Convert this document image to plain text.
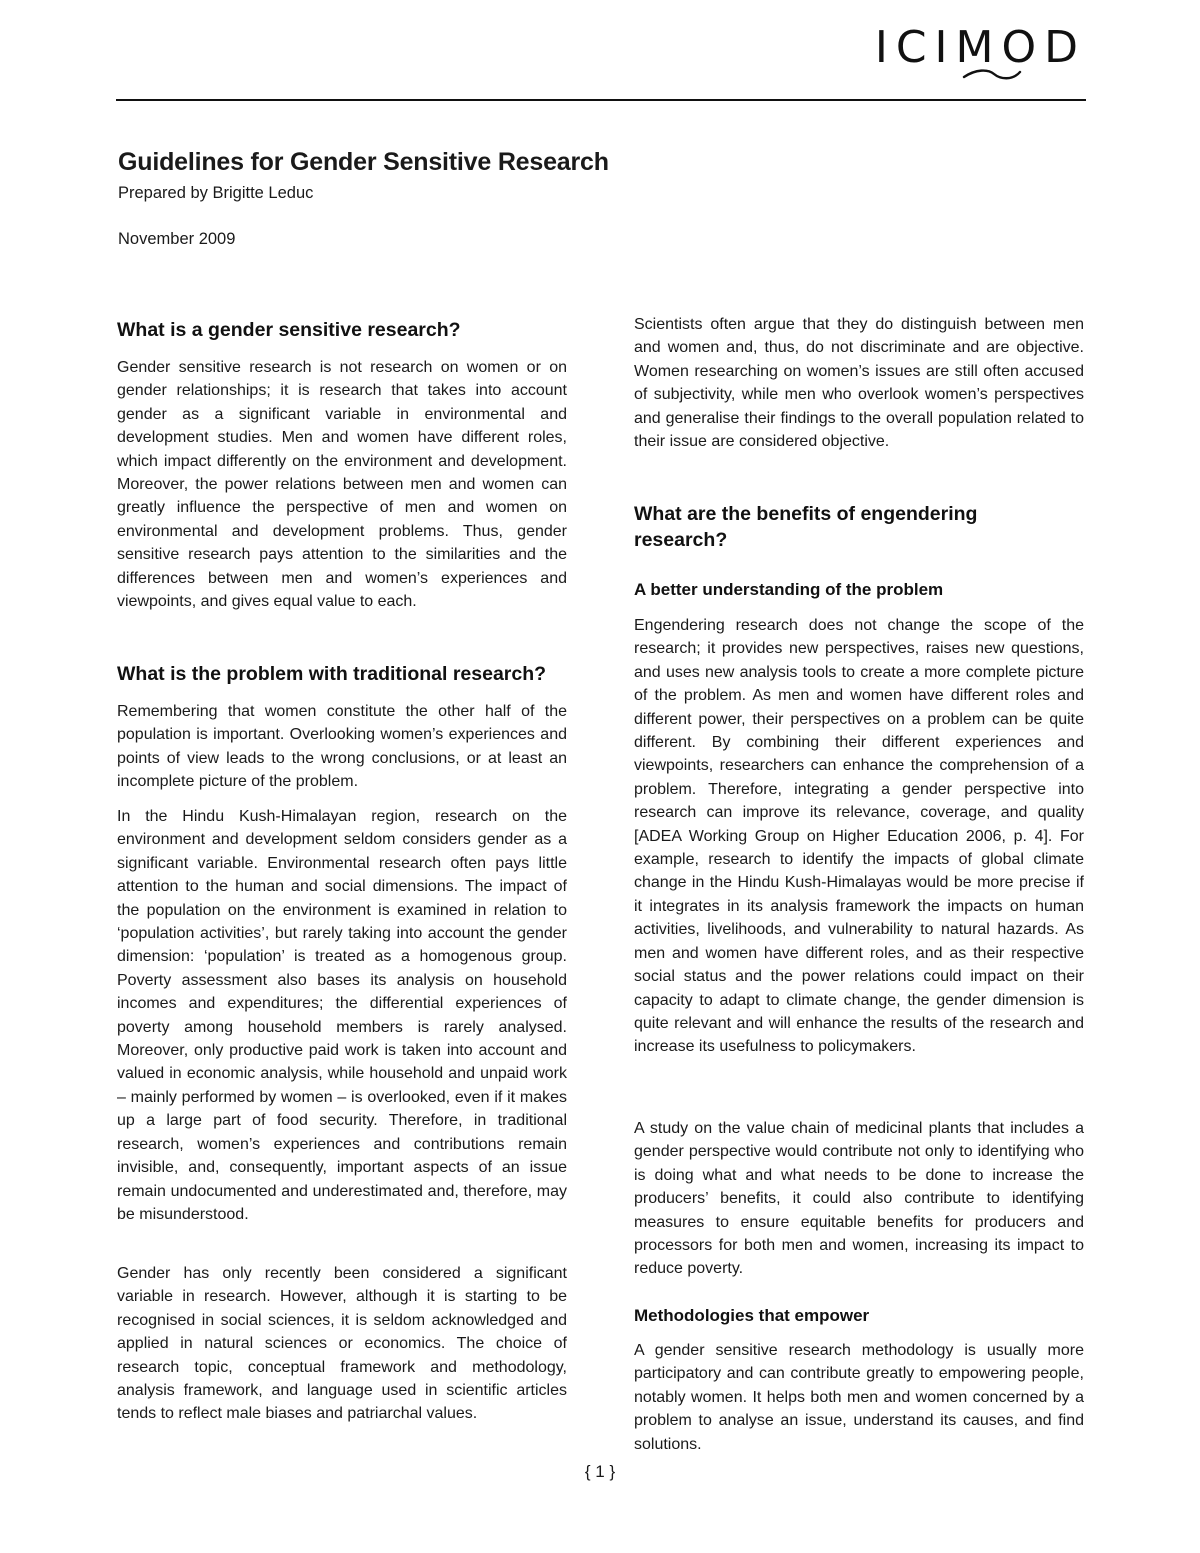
ICIMOD
Guidelines for Gender Sensitive Research

Prepared by Brigitte Leduc

November 2009

What is a gender sensitive research?

Gender sensitive research is not research on women or on gender relationships; it is research that takes into account gender as a significant variable in environmental and development studies. Men and women have different roles, which impact differently on the environment and development. Moreover, the power relations between men and women can greatly influence the perspective of men and women on environmental and development problems. Thus, gender sensitive research pays attention to the similarities and the differences between men and women’s experiences and viewpoints, and gives equal value to each.

What is the problem with traditional research?

Remembering that women constitute the other half of the population is important. Overlooking women’s experiences and points of view leads to the wrong conclusions, or at least an incomplete picture of the problem.

In the Hindu Kush-Himalayan region, research on the environment and development seldom considers gender as a significant variable. Environmental research often pays little attention to the human and social dimensions. The impact of the population on the environment is examined in relation to ‘population activities’, but rarely taking into account the gender dimension: ‘population’ is treated as a homogenous group. Poverty assessment also bases its analysis on household incomes and expenditures; the differential experiences of poverty among household members is rarely analysed. Moreover, only productive paid work is taken into account and valued in economic analysis, while household and unpaid work – mainly performed by women – is overlooked, even if it makes up a large part of food security. Therefore, in traditional research, women’s experiences and contributions remain invisible, and, consequently, important aspects of an issue remain undocumented and underestimated and, therefore, may be misunderstood.

Gender has only recently been considered a significant variable in research. However, although it is starting to be recognised in social sciences, it is seldom acknowledged and applied in natural sciences or economics. The choice of research topic, conceptual framework and methodology, analysis framework, and language used in scientific articles tends to reflect male biases and patriarchal values.

Scientists often argue that they do distinguish between men and women and, thus, do not discriminate and are objective. Women researching on women’s issues are still often accused of subjectivity, while men who overlook women’s perspectives and generalise their findings to the overall population related to their issue are considered objective.

What are the benefits of engendering research?
A better understanding of the problem

Engendering research does not change the scope of the research; it provides new perspectives, raises new questions, and uses new analysis tools to create a more complete picture of the problem. As men and women have different roles and different power, their perspectives on a problem can be quite different. By combining their different experiences and viewpoints, researchers can enhance the comprehension of a problem. Therefore, integrating a gender perspective into research can improve its relevance, coverage, and quality [ADEA Working Group on Higher Education 2006, p. 4]. For example, research to identify the impacts of global climate change in the Hindu Kush-Himalayas would be more precise if it integrates in its analysis framework the impacts on human activities, livelihoods, and vulnerability to natural hazards. As men and women have different roles, and as their respective social status and the power relations could impact on their capacity to adapt to climate change, the gender dimension is quite relevant and will enhance the results of the research and increase its usefulness to policymakers.

A study on the value chain of medicinal plants that includes a gender perspective would contribute not only to identifying who is doing what and what needs to be done to increase the producers’ benefits, it could also contribute to identifying measures to ensure equitable benefits for producers and processors for both men and women, increasing its impact to reduce poverty.

Methodologies that empower

A gender sensitive research methodology is usually more participatory and can contribute greatly to empowering people, notably women. It helps both men and women concerned by a problem to analyse an issue, understand its causes, and find solutions.

{ 1 }
